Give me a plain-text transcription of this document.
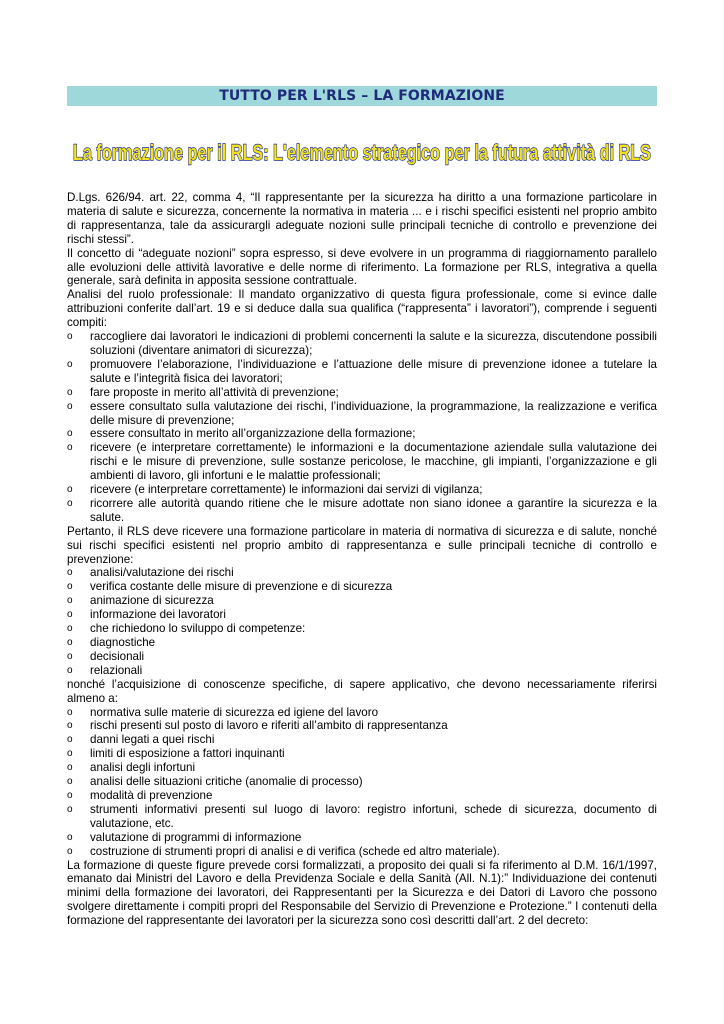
TUTTO PER L'RLS – LA FORMAZIONE
La formazione per il RLS: L'elemento strategico per la futura attività di RLS

D.Lgs. 626/94. art. 22, comma 4, “Il rappresentante per la sicurezza ha diritto a una formazione particolare in materia di salute e sicurezza, concernente la normativa in materia ... e i rischi specifici esistenti nel proprio ambito di rappresentanza, tale da assicurargli adeguate nozioni sulle principali tecniche di controllo e prevenzione dei rischi stessi”.

Il concetto di “adeguate nozioni” sopra espresso, si deve evolvere in un programma di riaggiornamento parallelo alle evoluzioni delle attività lavorative e delle norme di riferimento. La formazione per RLS, integrativa a quella generale, sarà definita in apposita sessione contrattuale.

Analisi del ruolo professionale: Il mandato organizzativo di questa figura professionale, come si evince dalle attribuzioni conferite dall’art. 19 e si deduce dalla sua qualifica (“rappresenta” i lavoratori”), comprende i seguenti compiti:

o	raccogliere dai lavoratori le indicazioni di problemi concernenti la salute e la sicurezza, discutendone possibili soluzioni (diventare animatori di sicurezza);
o	promuovere l’elaborazione, l’individuazione e l’attuazione delle misure di prevenzione idonee a tutelare la salute e l’integrità fisica dei lavoratori;
o	fare proposte in merito all’attività di prevenzione;
o	essere consultato sulla valutazione dei rischi, l’individuazione, la programmazione, la realizzazione e verifica delle misure di prevenzione;
o	essere consultato in merito all’organizzazione della formazione;
o	ricevere (e interpretare correttamente) le informazioni e la documentazione aziendale sulla valutazione dei rischi e le misure di prevenzione, sulle sostanze pericolose, le macchine, gli impianti, l’organizzazione e gli ambienti di lavoro, gli infortuni e le malattie professionali;
o	ricevere (e interpretare correttamente) le informazioni dai servizi di vigilanza;
o	ricorrere alle autorità quando ritiene che le misure adottate non siano idonee a garantire la sicurezza e la salute.

Pertanto, il RLS deve ricevere una formazione particolare in materia di normativa di sicurezza e di salute, nonché sui rischi specifici esistenti nel proprio ambito di rappresentanza e sulle principali tecniche di controllo e prevenzione:

o	analisi/valutazione dei rischi
o	verifica costante delle misure di prevenzione e di sicurezza
o	animazione di sicurezza
o	informazione dei lavoratori
o	che richiedono lo sviluppo di competenze:
o	diagnostiche
o	decisionali
o	relazionali

nonché l’acquisizione di conoscenze specifiche, di sapere applicativo, che devono necessariamente riferirsi almeno a:

o	normativa sulle materie di sicurezza ed igiene del lavoro
o	rischi presenti sul posto di lavoro e riferiti all’ambito di rappresentanza
o	danni legati a quei rischi
o	limiti di esposizione a fattori inquinanti
o	analisi degli infortuni
o	analisi delle situazioni critiche (anomalie di processo)
o	modalità di prevenzione
o	strumenti informativi presenti sul luogo di lavoro: registro infortuni, schede di sicurezza, documento di valutazione, etc.
o	valutazione di programmi di informazione
o	costruzione di strumenti propri di analisi e di verifica (schede ed altro materiale).

La formazione di queste figure prevede corsi formalizzati, a proposito dei quali si fa riferimento al D.M. 16/1/1997, emanato dai Ministri del Lavoro e della Previdenza Sociale e della Sanità (All. N.1):” Individuazione dei contenuti minimi della formazione dei lavoratori, dei Rappresentanti per la Sicurezza e dei Datori di Lavoro che possono svolgere direttamente i compiti propri del Responsabile del Servizio di Prevenzione e Protezione.” I contenuti della formazione del rappresentante dei lavoratori per la sicurezza sono così descritti dall’art. 2 del decreto:
